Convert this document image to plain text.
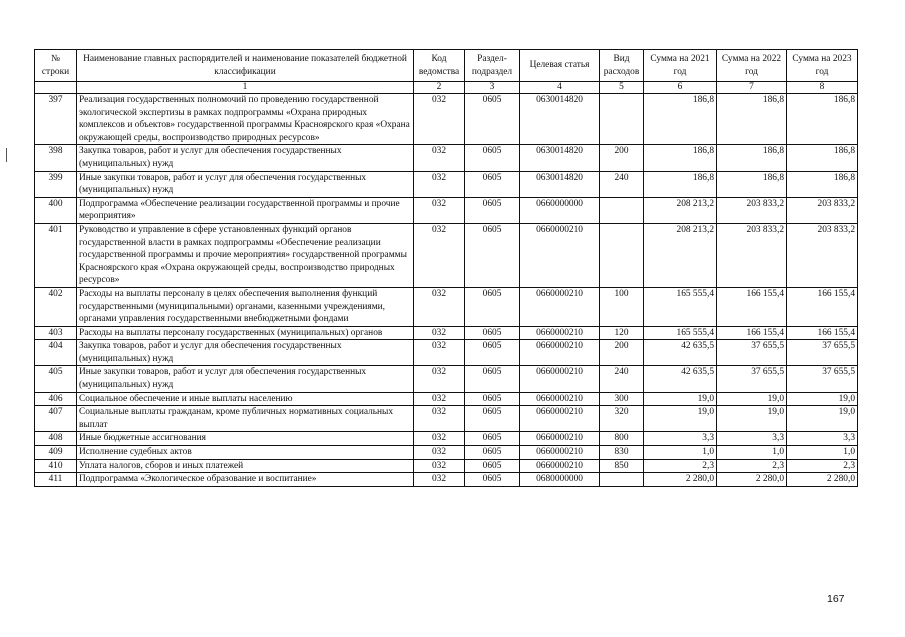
№ строки	Наименование главных распорядителей и наименование показателей бюджетной классификации	Код ведомства	Раздел-подраздел	Целевая статья	Вид расходов	Сумма на 2021 год	Сумма на 2022 год	Сумма на 2023 год
	1	2	3	4	5	6	7	8
397	Реализация государственных полномочий по проведению государственной экологической экспертизы в рамках подпрограммы «Охрана природных комплексов и объектов» государственной программы Красноярского края «Охрана окружающей среды, воспроизводство природных ресурсов»	032	0605	0630014820		186,8	186,8	186,8
398	Закупка товаров, работ и услуг для обеспечения государственных (муниципальных) нужд	032	0605	0630014820	200	186,8	186,8	186,8
399	Иные закупки товаров, работ и услуг для обеспечения государственных (муниципальных) нужд	032	0605	0630014820	240	186,8	186,8	186,8
400	Подпрограмма «Обеспечение реализации государственной программы и прочие мероприятия»	032	0605	0660000000		208 213,2	203 833,2	203 833,2
401	Руководство и управление в сфере установленных функций органов государственной власти в рамках подпрограммы «Обеспечение реализации государственной программы и прочие мероприятия» государственной программы Красноярского края «Охрана окружающей среды, воспроизводство природных ресурсов»	032	0605	0660000210		208 213,2	203 833,2	203 833,2
402	Расходы на выплаты персоналу в целях обеспечения выполнения функций государственными (муниципальными) органами, казенными учреждениями, органами управления государственными внебюджетными фондами	032	0605	0660000210	100	165 555,4	166 155,4	166 155,4
403	Расходы на выплаты персоналу государственных (муниципальных) органов	032	0605	0660000210	120	165 555,4	166 155,4	166 155,4
404	Закупка товаров, работ и услуг для обеспечения государственных (муниципальных) нужд	032	0605	0660000210	200	42 635,5	37 655,5	37 655,5
405	Иные закупки товаров, работ и услуг для обеспечения государственных (муниципальных) нужд	032	0605	0660000210	240	42 635,5	37 655,5	37 655,5
406	Социальное обеспечение и иные выплаты населению	032	0605	0660000210	300	19,0	19,0	19,0
407	Социальные выплаты гражданам, кроме публичных нормативных социальных выплат	032	0605	0660000210	320	19,0	19,0	19,0
408	Иные бюджетные ассигнования	032	0605	0660000210	800	3,3	3,3	3,3
409	Исполнение судебных актов	032	0605	0660000210	830	1,0	1,0	1,0
410	Уплата налогов, сборов и иных платежей	032	0605	0660000210	850	2,3	2,3	2,3
411	Подпрограмма «Экологическое образование и воспитание»	032	0605	0680000000		2 280,0	2 280,0	2 280,0
167
